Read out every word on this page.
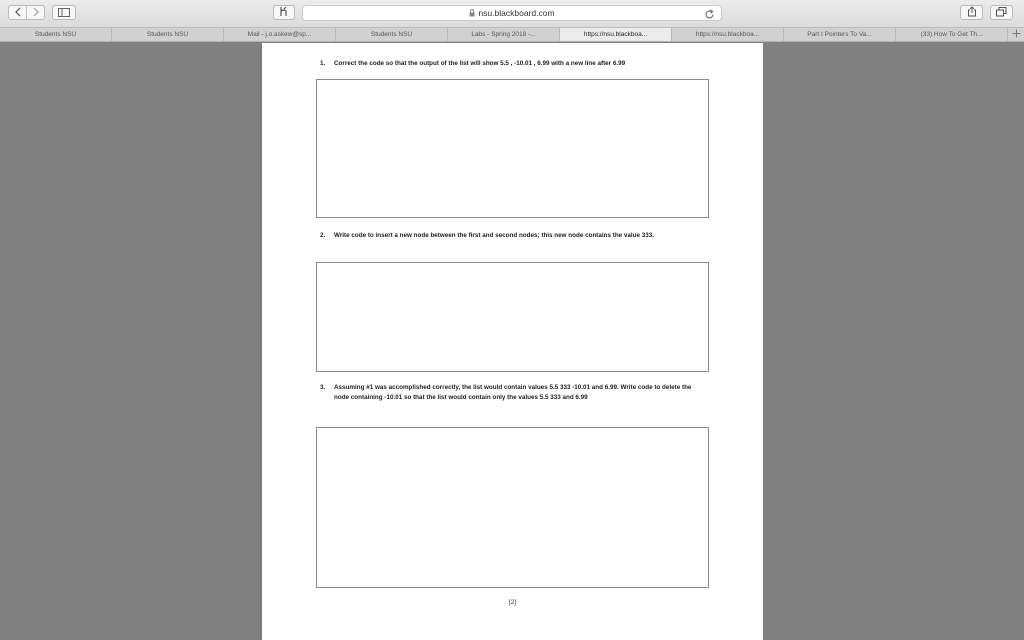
nsu.blackboard.com
Students NSU	Students NSU	Mail - j.o.askew@sp...	Students NSU	Labs - Spring 2018 -...	https://nsu.blackboa...	https://nsu.blackboa...	Part I Pointers To Va...	(33) How To Get Th...
1. Correct the code so that the output of the list will show 5.5 , -10.01 , 6.99 with a new line after 6.99
2. Write code to insert a new node between the first and second nodes; this new node contains the value 333.
3. Assuming #1 was accomplished correctly, the list would contain values 5.5 333 -10.01 and 6.99. Write code to delete the node containing -10.01 so that the list would contain only the values 5.5 333 and 6.99
[2]
